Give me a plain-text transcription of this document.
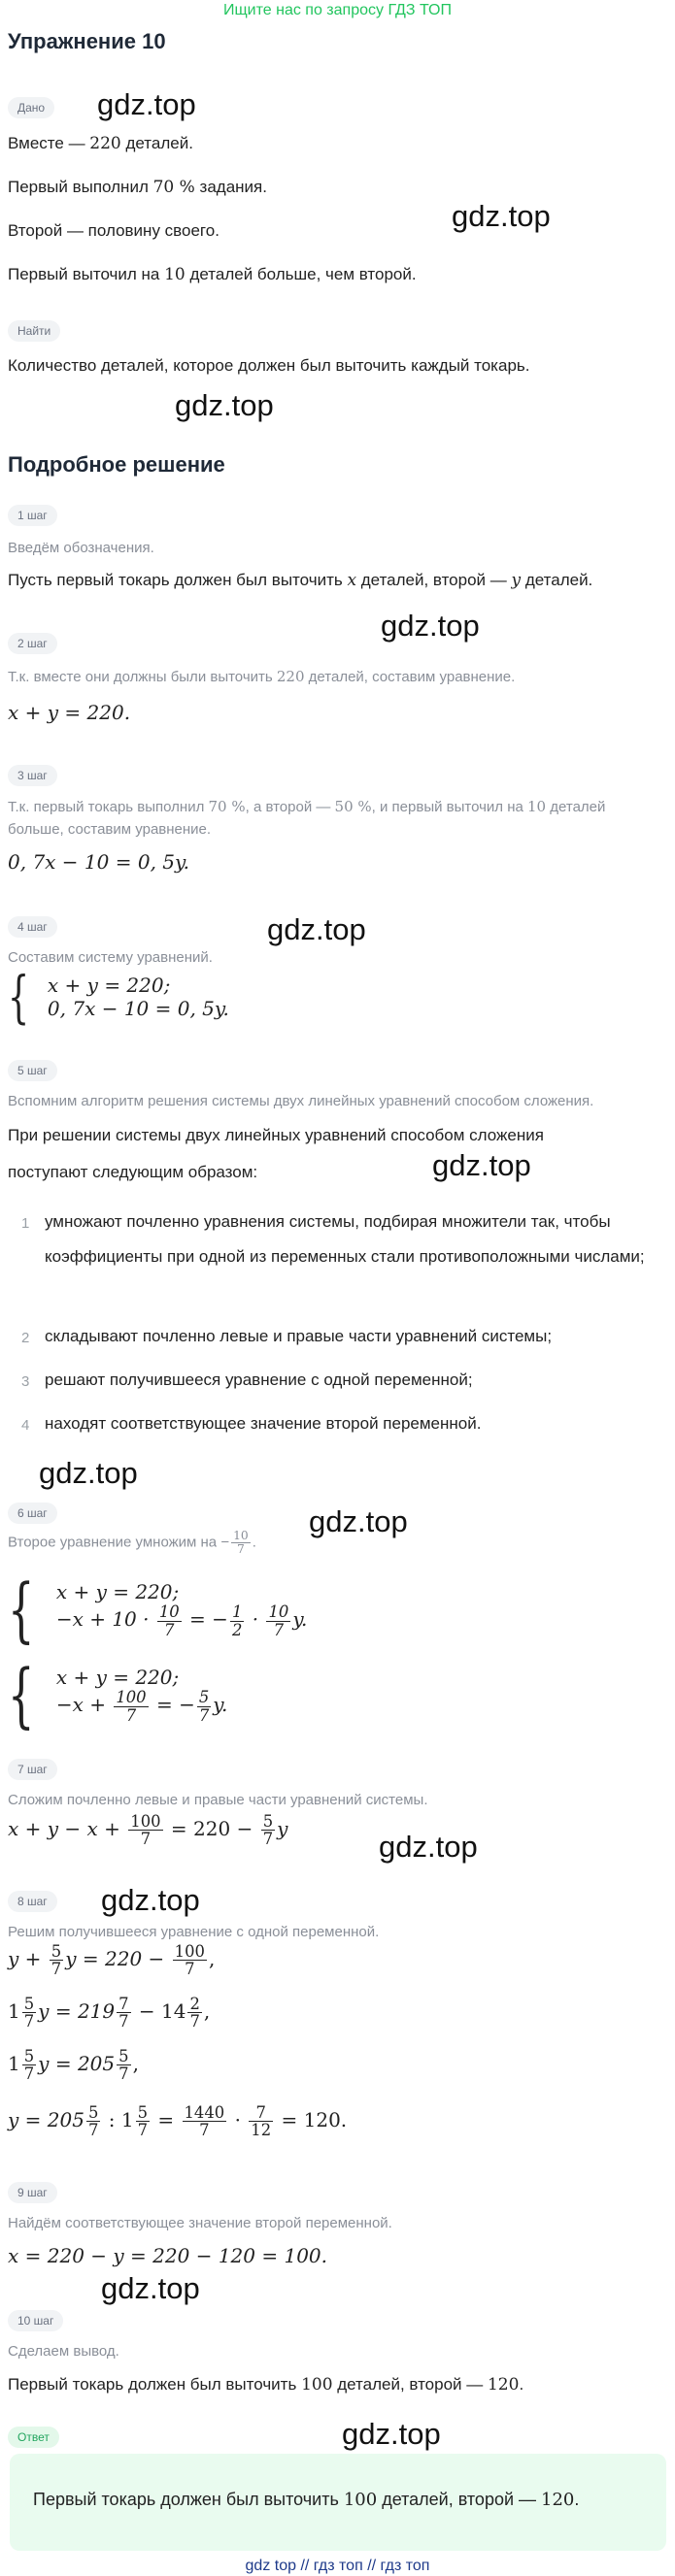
Ищите нас по запросу ГДЗ ТОП
Упражнение 10
Дано	gdz.top
Вместе — 220 деталей.
Первый выполнил 70 % задания.
gdz.top
Второй — половину своего.
Первый выточил на 10 деталей больше, чем второй.
Найти
Количество деталей, которое должен был выточить каждый токарь.
gdz.top
Подробное решение
1 шаг
Введём обозначения.
Пусть первый токарь должен был выточить x деталей, второй — y деталей.
gdz.top
2 шаг
Т.к. вместе они должны были выточить 220 деталей, составим уравнение.
x + y = 220.
3 шаг
Т.к. первый токарь выполнил 70 %, а второй — 50 %, и первый выточил на 10 деталей
больше, составим уравнение.
0, 7x − 10 = 0, 5y.
4 шаг	gdz.top
Составим систему уравнений.
{ x + y = 220;
0, 7x − 10 = 0, 5y.
5 шаг
Вспомним алгоритм решения системы двух линейных уравнений способом сложения.
При решении системы двух линейных уравнений способом сложения
gdz.top
поступают следующим образом:
1 умножают почленно уравнения системы, подбирая множители так, чтобы коэффициенты при одной из переменных стали противоположными числами;
2 складывают почленно левые и правые части уравнений системы;
3 решают получившееся уравнение с одной переменной;
4 находят соответствующее значение второй переменной.
gdz.top
6 шаг	gdz.top
Второе уравнение умножим на − $\frac{10}{7}$ .
{ x + y = 220;
$-x + 10 \cdot \frac{10}{7}$ = − $\frac{1}{2} \cdot \frac{10}{7} y$.
{ x + y = 220;
$-x + \frac{100}{7}$ = − $\frac{5}{7} y$.
7 шаг
Сложим почленно левые и правые части уравнений системы.
$x + y - x + \frac{100}{7} = 220 - \frac{5}{7}$ y
gdz.top
8 шаг	gdz.top
Решим получившееся уравнение с одной переменной.
$y + \frac{5}{7}$ $y = 220 - \frac{100}{7}$ ,
$1 \frac{5}{7}$ $y = 219 \frac{7}{7} - 14 \frac{2}{7}$ ,
$1 \frac{5}{7}$ $y = 205 \frac{5}{7}$ ,
$y = 205 \frac{5}{7}$ : $1 \frac{5}{7} = \frac{1440}{7} \cdot \frac{7}{12} = 120$.
9 шаг
Найдём соответствующее значение второй переменной.
x = 220 − y = 220 − 120 = 100.
gdz.top
10 шаг
Сделаем вывод.
Первый токарь должен был выточить 100 деталей, второй — 120.
Ответ	gdz.top
Первый токарь должен был выточить 100 деталей, второй — 120.
gdz top // гдз топ // гдз топ
